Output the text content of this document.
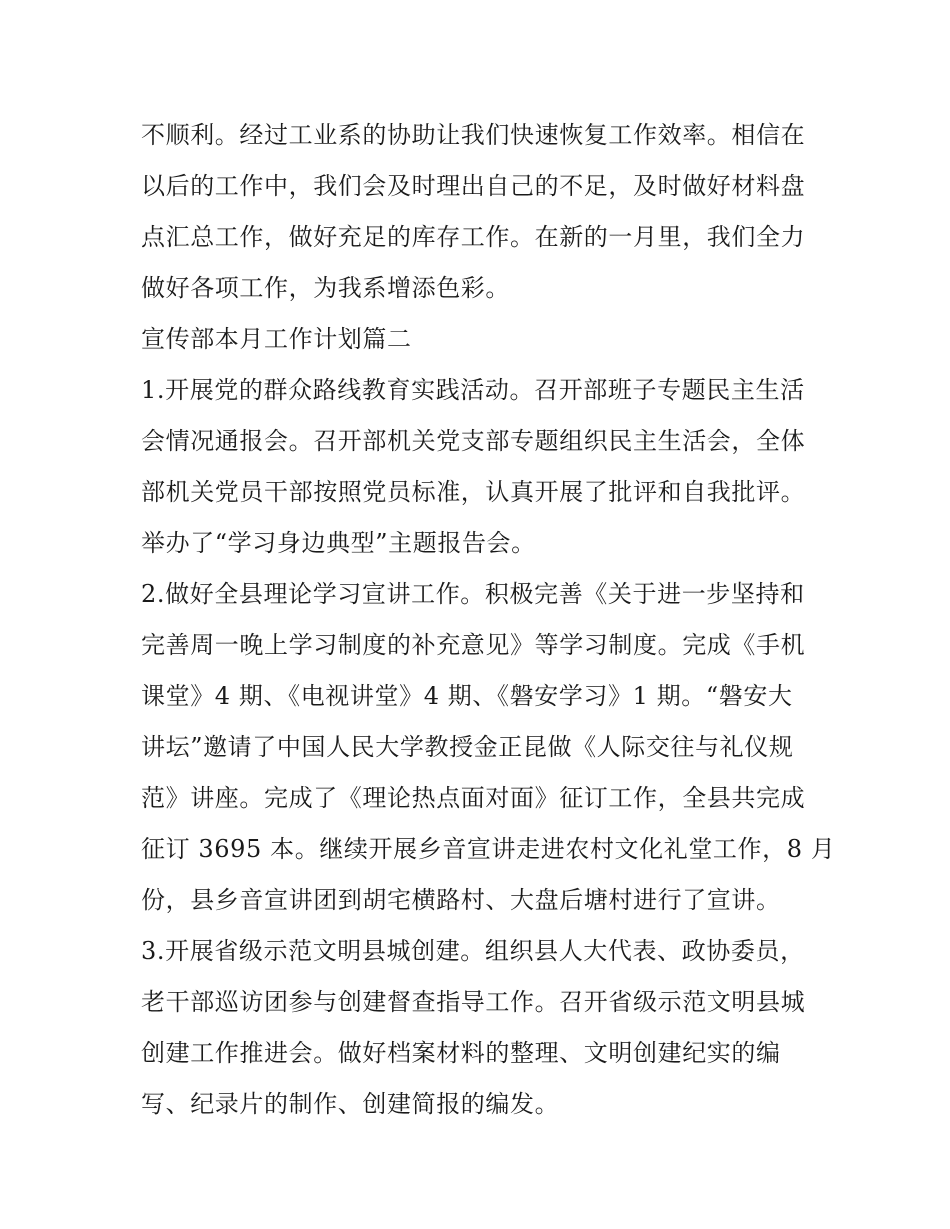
不顺利。经过工业系的协助让我们快速恢复工作效率。相信在
以后的工作中，我们会及时理出自己的不足，及时做好材料盘
点汇总工作，做好充足的库存工作。在新的一月里，我们全力
做好各项工作，为我系增添色彩。
宣传部本月工作计划篇二
1.开展党的群众路线教育实践活动。召开部班子专题民主生活
会情况通报会。召开部机关党支部专题组织民主生活会，全体
部机关党员干部按照党员标准，认真开展了批评和自我批评。
举办了“学习身边典型”主题报告会。
2.做好全县理论学习宣讲工作。积极完善《关于进一步坚持和
完善周一晚上学习制度的补充意见》等学习制度。完成《手机
课堂》4 期、《电视讲堂》4 期、《磐安学习》1 期。“磐安大
讲坛”邀请了中国人民大学教授金正昆做《人际交往与礼仪规
范》讲座。完成了《理论热点面对面》征订工作，全县共完成
征订 3695 本。继续开展乡音宣讲走进农村文化礼堂工作，8 月
份，县乡音宣讲团到胡宅横路村、大盘后塘村进行了宣讲。
3.开展省级示范文明县城创建。组织县人大代表、政协委员，
老干部巡访团参与创建督查指导工作。召开省级示范文明县城
创建工作推进会。做好档案材料的整理、文明创建纪实的编
写、纪录片的制作、创建简报的编发。
